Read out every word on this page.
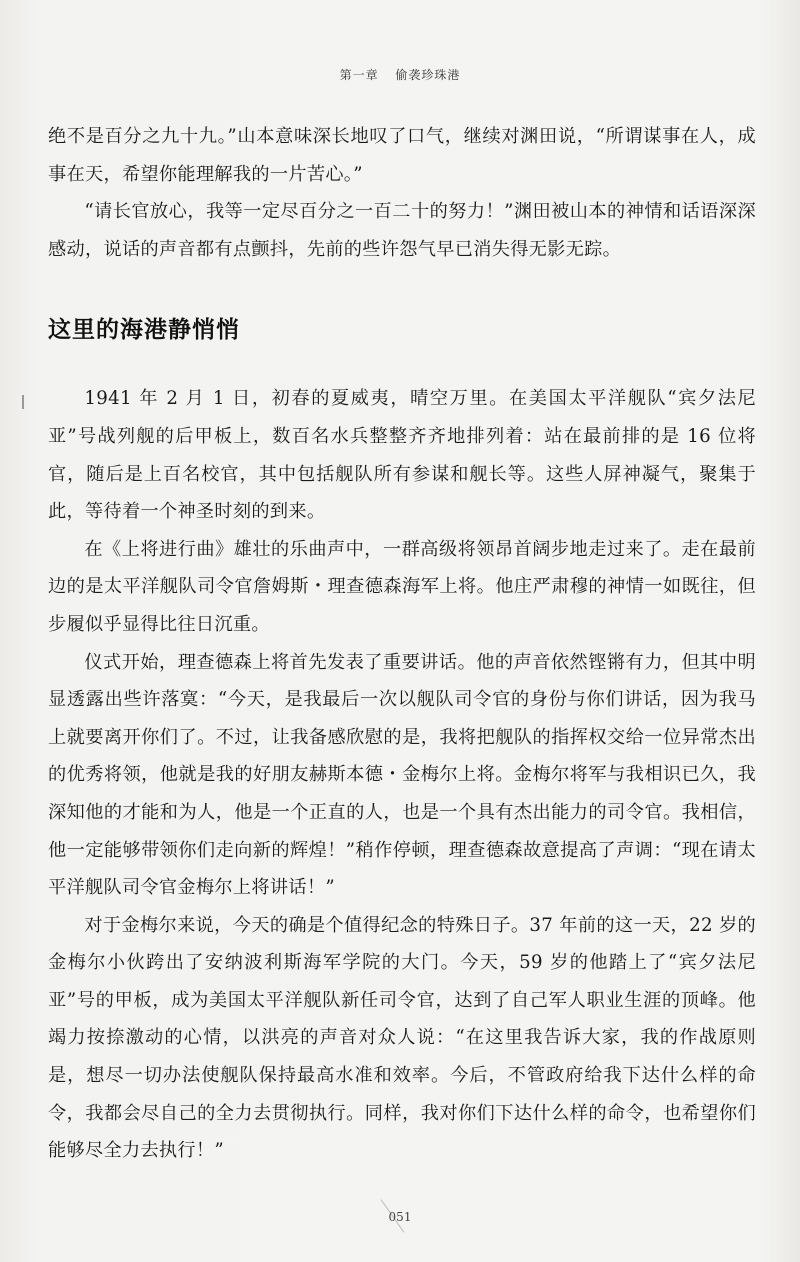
第一章 偷袭珍珠港

绝不是百分之九十九。”山本意味深长地叹了口气，继续对渊田说，“所谓谋事在人，成事在天，希望你能理解我的一片苦心。”

“请长官放心，我等一定尽百分之一百二十的努力！”渊田被山本的神情和话语深深感动，说话的声音都有点颤抖，先前的些许怨气早已消失得无影无踪。

这里的海港静悄悄

1941 年 2 月 1 日，初春的夏威夷，晴空万里。在美国太平洋舰队“宾夕法尼亚”号战列舰的后甲板上，数百名水兵整整齐齐地排列着：站在最前排的是 16 位将官，随后是上百名校官，其中包括舰队所有参谋和舰长等。这些人屏神凝气，聚集于此，等待着一个神圣时刻的到来。

在《上将进行曲》雄壮的乐曲声中，一群高级将领昂首阔步地走过来了。走在最前边的是太平洋舰队司令官詹姆斯・理查德森海军上将。他庄严肃穆的神情一如既往，但步履似乎显得比往日沉重。

仪式开始，理查德森上将首先发表了重要讲话。他的声音依然铿锵有力，但其中明显透露出些许落寞：“今天，是我最后一次以舰队司令官的身份与你们讲话，因为我马上就要离开你们了。不过，让我备感欣慰的是，我将把舰队的指挥权交给一位异常杰出的优秀将领，他就是我的好朋友赫斯本德・金梅尔上将。金梅尔将军与我相识已久，我深知他的才能和为人，他是一个正直的人，也是一个具有杰出能力的司令官。我相信，他一定能够带领你们走向新的辉煌！”稍作停顿，理查德森故意提高了声调：“现在请太平洋舰队司令官金梅尔上将讲话！”

对于金梅尔来说，今天的确是个值得纪念的特殊日子。37 年前的这一天，22 岁的金梅尔小伙跨出了安纳波利斯海军学院的大门。今天，59 岁的他踏上了“宾夕法尼亚”号的甲板，成为美国太平洋舰队新任司令官，达到了自己军人职业生涯的顶峰。他竭力按捺激动的心情，以洪亮的声音对众人说：“在这里我告诉大家，我的作战原则是，想尽一切办法使舰队保持最高水准和效率。今后，不管政府给我下达什么样的命令，我都会尽自己的全力去贯彻执行。同样，我对你们下达什么样的命令，也希望你们能够尽全力去执行！”

051
